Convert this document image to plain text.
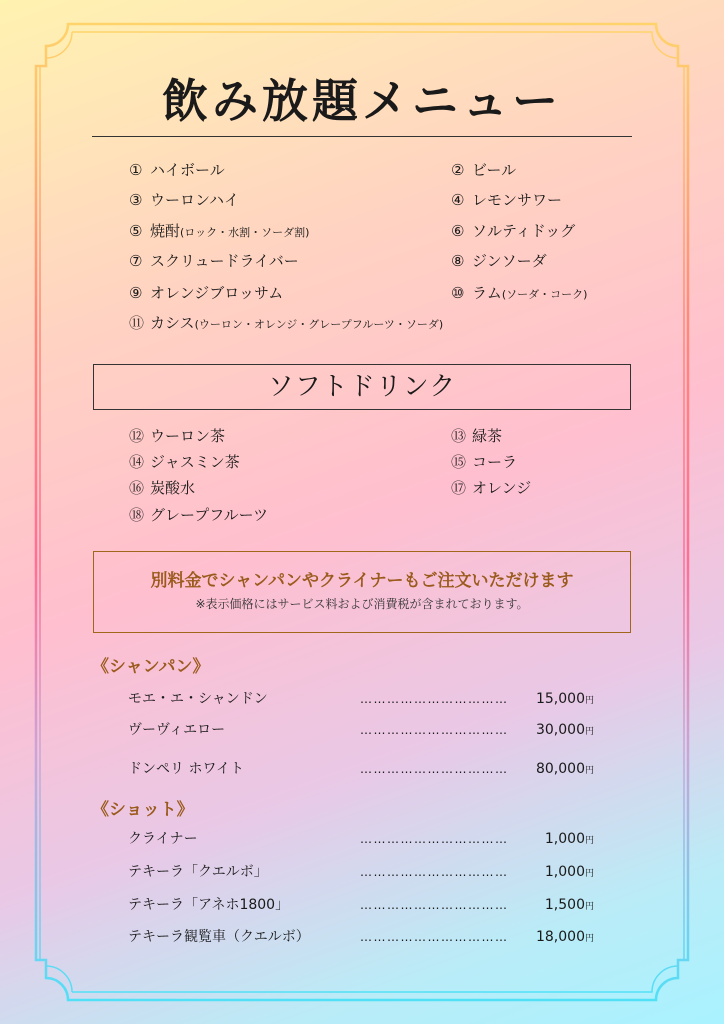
飲み放題メニュー
① ハイボール	② ビール
③ ウーロンハイ	④ レモンサワー
⑤ 焼酎(ロック・水割・ソーダ割)	⑥ ソルティドッグ
⑦ スクリュードライバー	⑧ ジンソーダ
⑨ オレンジブロッサム	⑩ ラム(ソーダ・コーク)
⑪ カシス(ウーロン・オレンジ・グレープフルーツ・ソーダ)
ソフトドリンク
⑫ ウーロン茶	⑬ 緑茶
⑭ ジャスミン茶	⑮ コーラ
⑯ 炭酸水	⑰ オレンジ
⑱ グレープフルーツ
別料金でシャンパンやクライナーもご注文いただけます
※表示価格にはサービス料および消費税が含まれております。
《シャンパン》
モエ・エ・シャンドン	…………………………… 15,000円
ヴーヴィエロー	…………………………… 30,000円
ドンペリ ホワイト	…………………………… 80,000円
《ショット》
クライナー	……………………………	1,000円
テキーラ「クエルボ」	……………………………	1,000円
テキーラ「アネホ1800」	……………………………	1,500円
テキーラ観覧車（クエルボ）	…………………………… 18,000円
